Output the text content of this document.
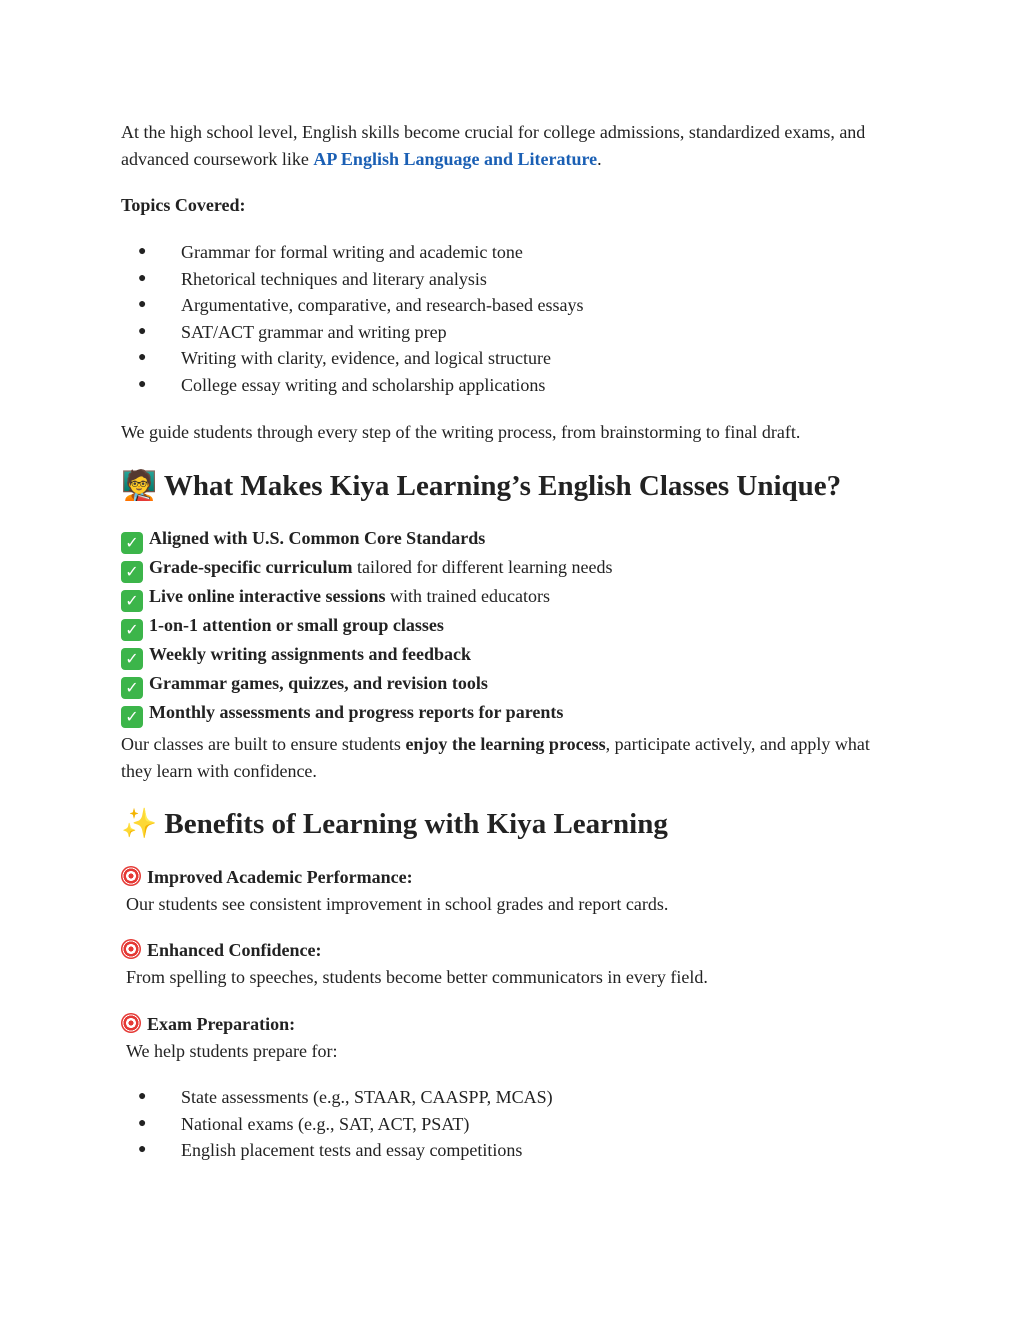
At the high school level, English skills become crucial for college admissions, standardized exams, and advanced coursework like AP English Language and Literature.

Topics Covered:

● Grammar for formal writing and academic tone
● Rhetorical techniques and literary analysis
● Argumentative, comparative, and research-based essays
● SAT/ACT grammar and writing prep
● Writing with clarity, evidence, and logical structure
● College essay writing and scholarship applications

We guide students through every step of the writing process, from brainstorming to final draft.

🧑‍🏫 What Makes Kiya Learning’s English Classes Unique?
✓ Aligned with U.S. Common Core Standards
✓ Grade-specific curriculum tailored for different learning needs
✓ Live online interactive sessions with trained educators
✓ 1-on-1 attention or small group classes
✓ Weekly writing assignments and feedback
✓ Grammar games, quizzes, and revision tools
✓ Monthly assessments and progress reports for parents

Our classes are built to ensure students enjoy the learning process, participate actively, and apply what they learn with confidence.

✨ Benefits of Learning with Kiya Learning
Improved Academic Performance:
Our students see consistent improvement in school grades and report cards.
Enhanced Confidence:
From spelling to speeches, students become better communicators in every field.
Exam Preparation:
We help students prepare for:
● State assessments (e.g., STAAR, CAASPP, MCAS)
● National exams (e.g., SAT, ACT, PSAT)
● English placement tests and essay competitions
